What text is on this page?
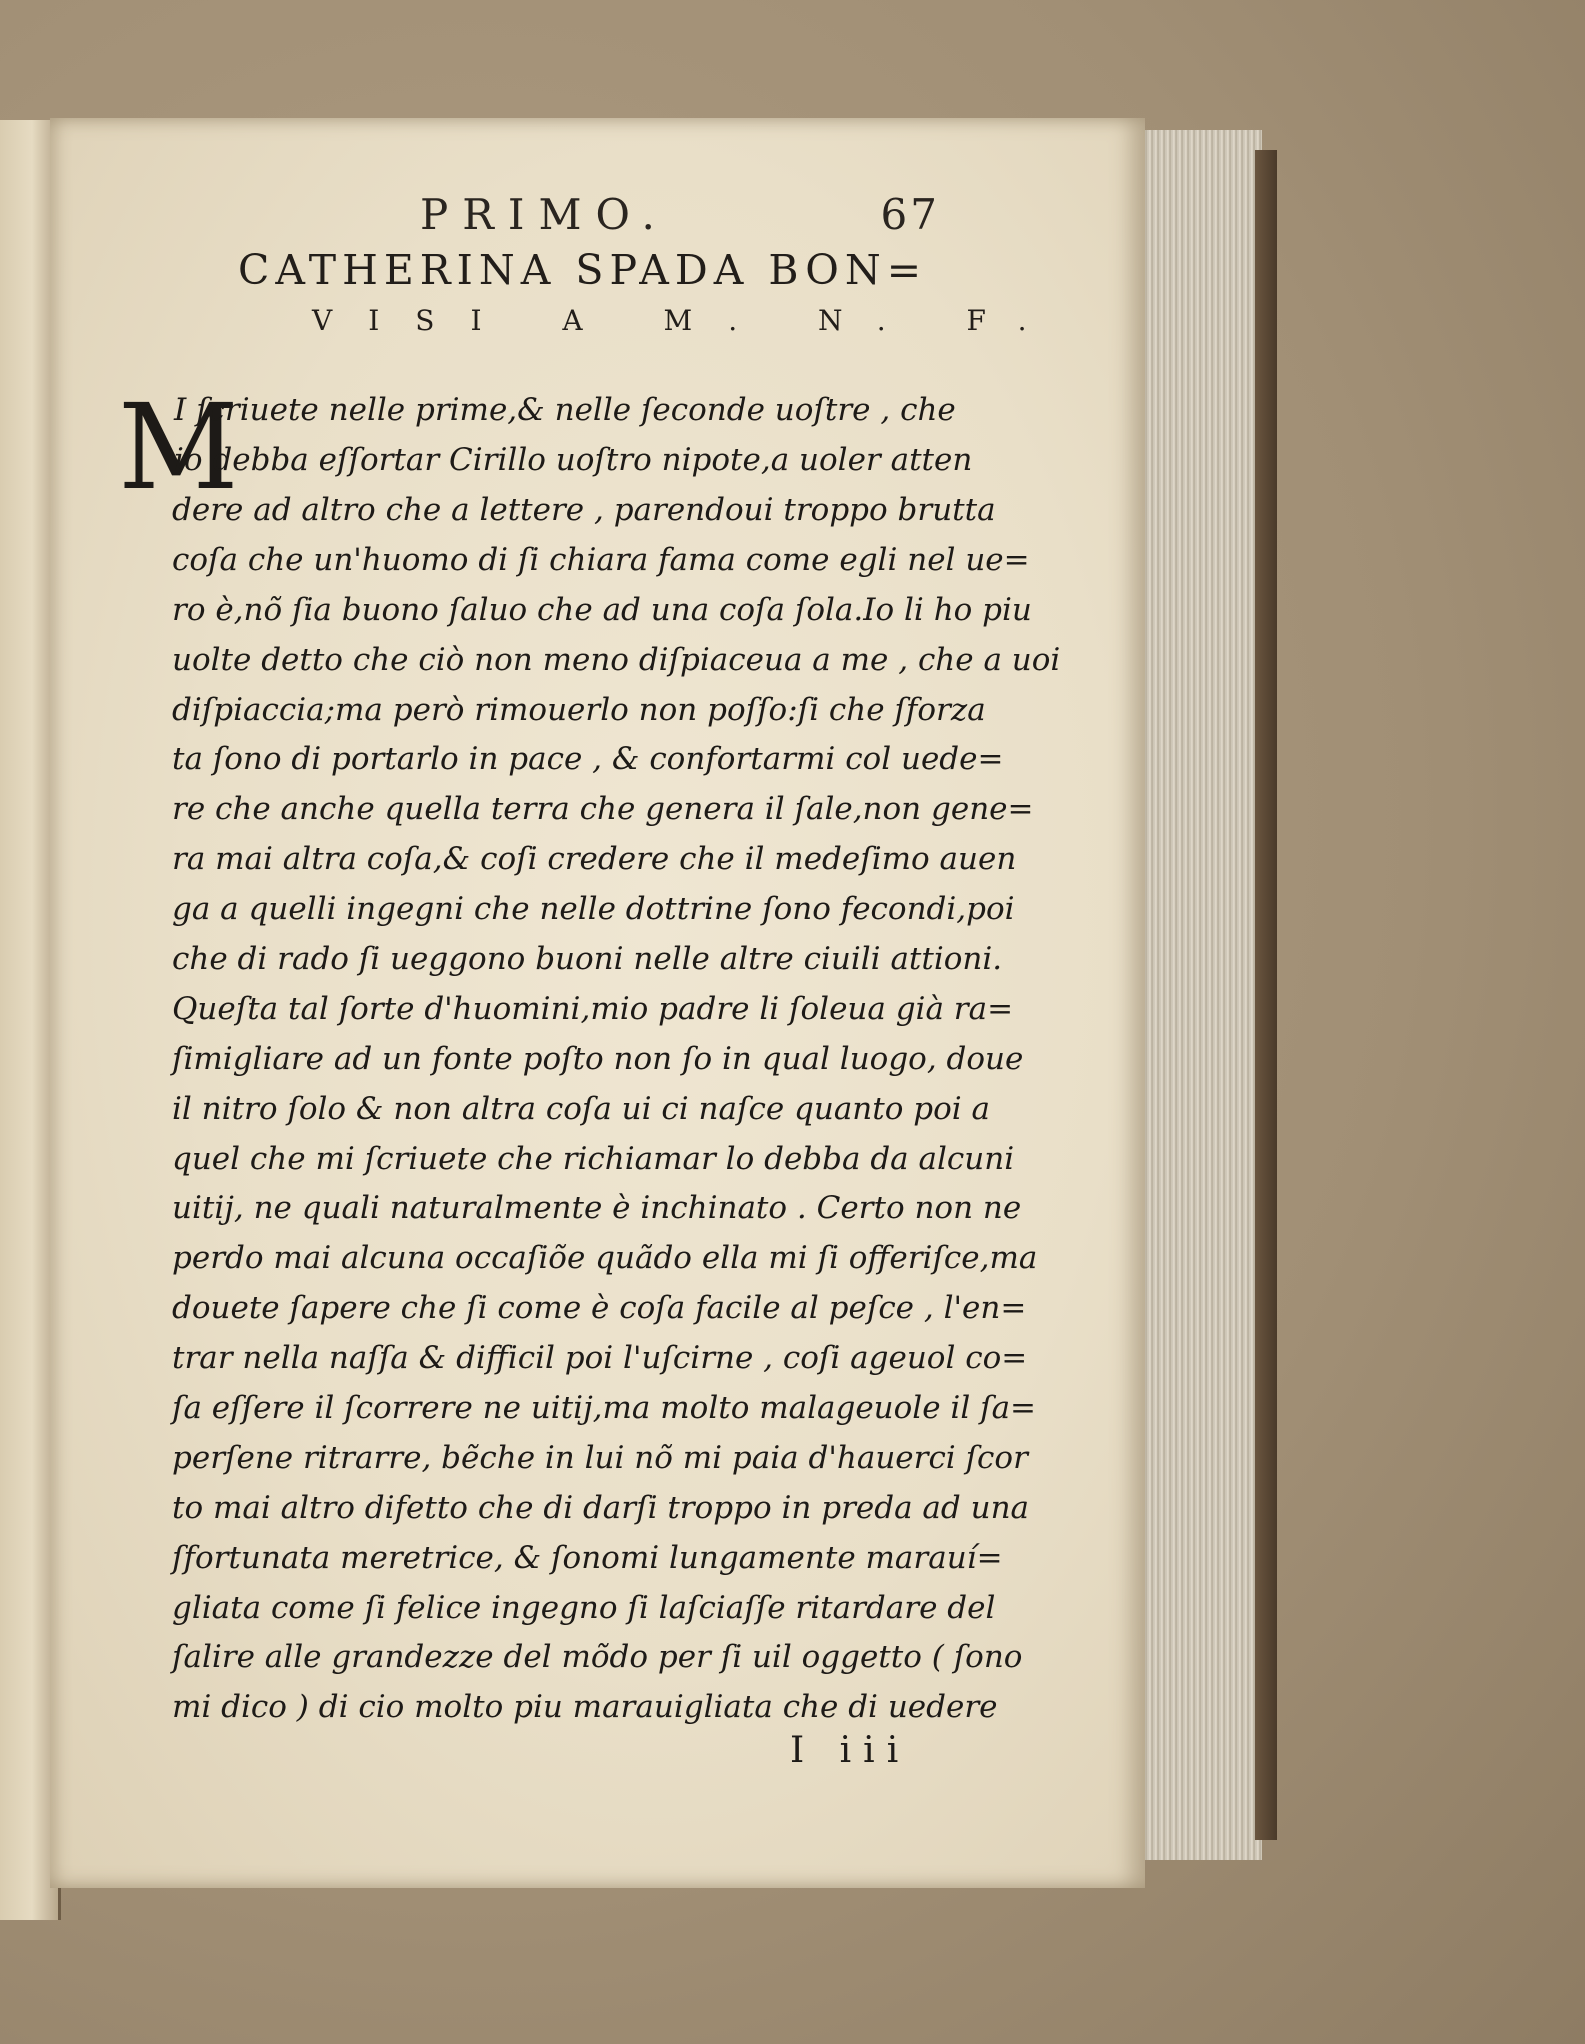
PRIMO.	67
CATHERINA SPADA BON=
VISI A M. N. F.
M
I ſcriuete nelle prime,& nelle ſeconde uoſtre , che
io debba eſſortar Cirillo uoſtro nipote,a uoler atten
dere ad altro che a lettere , parendoui troppo brutta
coſa che un'huomo di ſi chiara fama come egli nel ue=
ro è,nõ ſia buono ſaluo che ad una coſa ſola.Io li ho piu
uolte detto che ciò non meno diſpiaceua a me , che a uoi
diſpiaccia;ma però rimouerlo non poſſo:ſi che ſforza
ta ſono di portarlo in pace , & confortarmi col uede=
re che anche quella terra che genera il ſale,non gene=
ra mai altra coſa,& coſi credere che il medeſimo auen
ga a quelli ingegni che nelle dottrine ſono fecondi,poi
che di rado ſi ueggono buoni nelle altre ciuili attioni.
Queſta tal ſorte d'huomini,mio padre li ſoleua già ra=
ſimigliare ad un fonte poſto non ſo in qual luogo, doue
il nitro ſolo & non altra coſa ui ci naſce quanto poi a
quel che mi ſcriuete che richiamar lo debba da alcuni
uitij, ne quali naturalmente è inchinato . Certo non ne
perdo mai alcuna occaſiõe quãdo ella mi ſi offeriſce,ma
douete ſapere che ſi come è coſa facile al peſce , l'en=
trar nella naſſa & difficil poi l'uſcirne , coſi ageuol co=
ſa eſſere il ſcorrere ne uitij,ma molto malageuole il ſa=
perſene ritrarre, bẽche in lui nõ mi paia d'hauerci ſcor
to mai altro difetto che di darſi troppo in preda ad una
ſfortunata meretrice, & ſonomi lungamente marauí=
gliata come ſi felice ingegno ſi laſciaſſe ritardare del
ſalire alle grandezze del mõdo per ſi uil oggetto ( ſono
mi dico ) di cio molto piu marauigliata che di uedere
I iii
